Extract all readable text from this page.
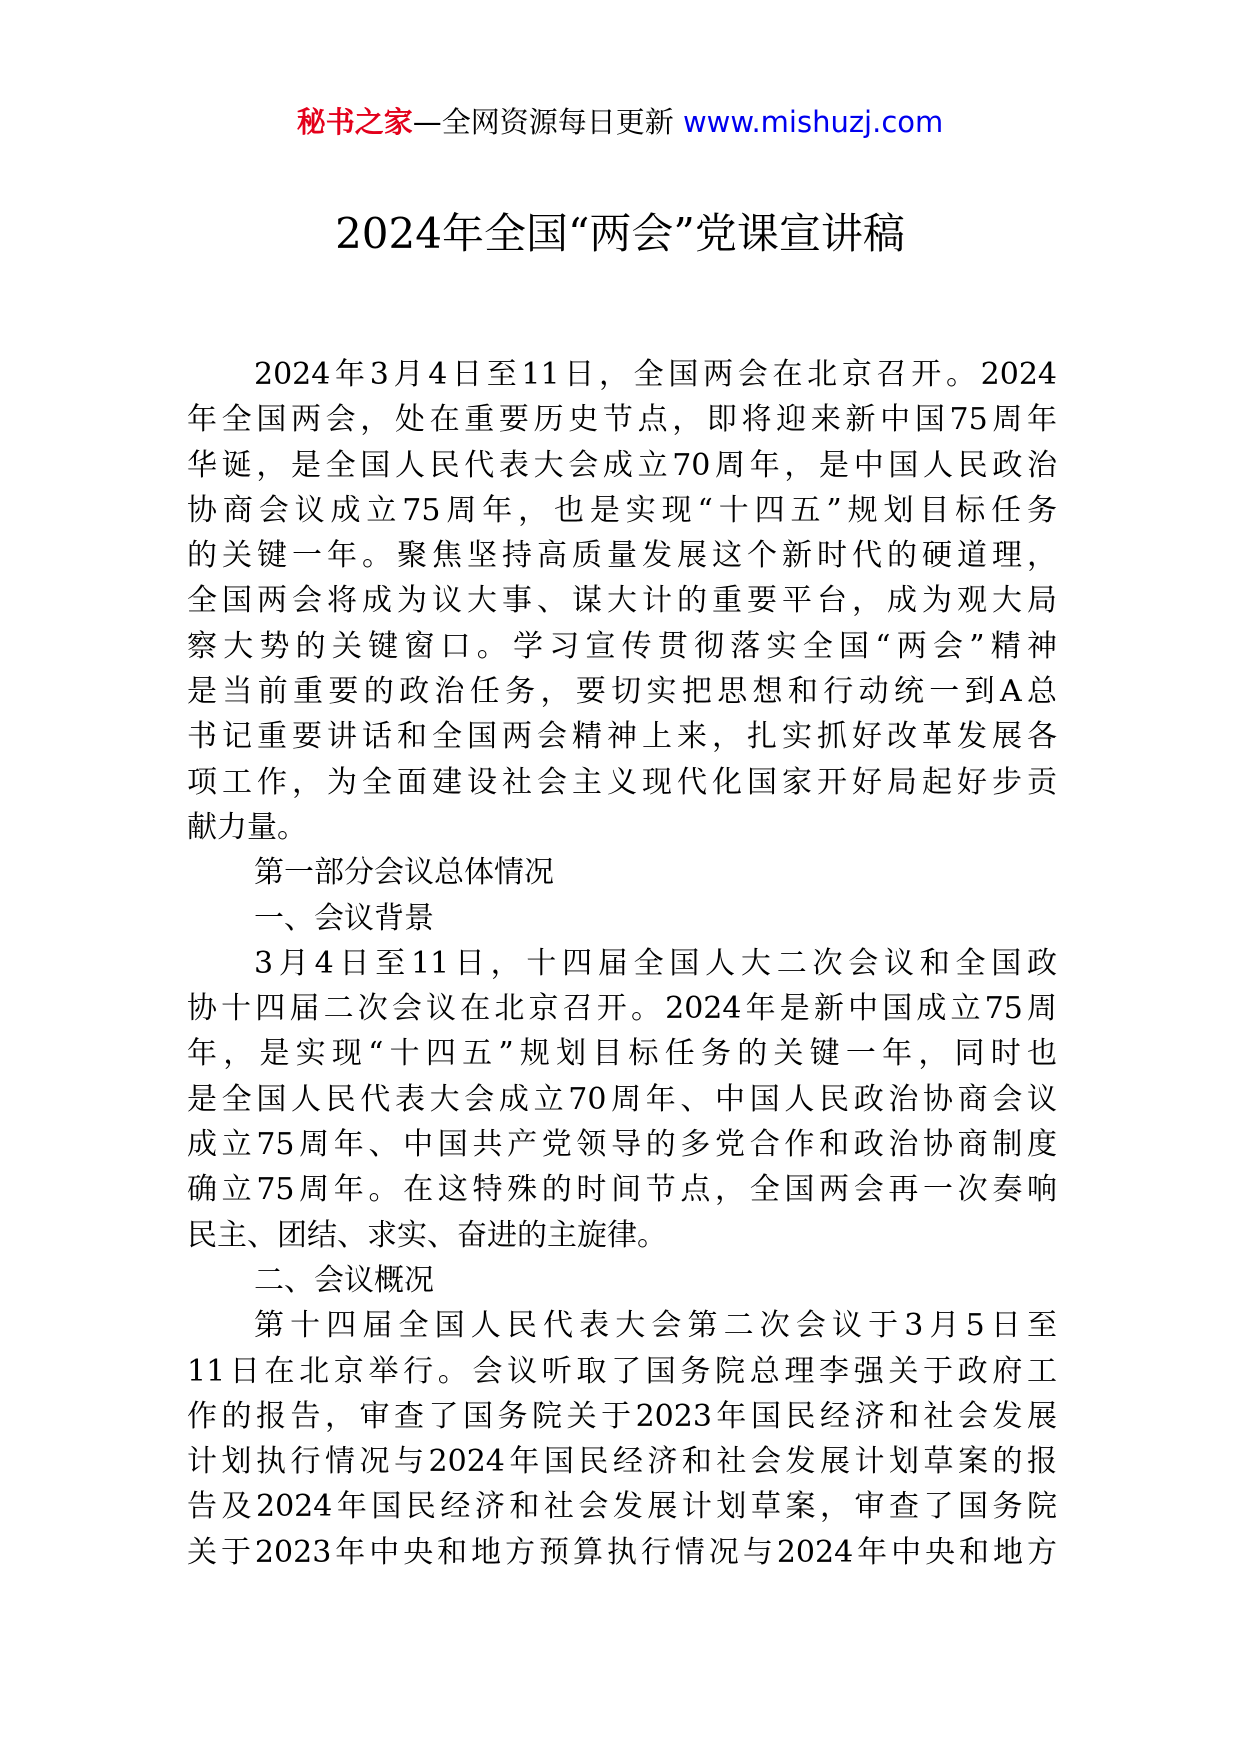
秘书之家—全网资源每日更新 www.mishuzj.com
2024年全国“两会”党课宣讲稿
2024年3月4日至11日，全国两会在北京召开。2024
年全国两会，处在重要历史节点，即将迎来新中国75周年
华诞，是全国人民代表大会成立70周年，是中国人民政治
协商会议成立75周年，也是实现“十四五”规划目标任务
的关键一年。聚焦坚持高质量发展这个新时代的硬道理，
全国两会将成为议大事、谋大计的重要平台，成为观大局
察大势的关键窗口。学习宣传贯彻落实全国“两会”精神
是当前重要的政治任务，要切实把思想和行动统一到A总
书记重要讲话和全国两会精神上来，扎实抓好改革发展各
项工作，为全面建设社会主义现代化国家开好局起好步贡
献力量。
第一部分会议总体情况
一、会议背景
3月4日至11日，十四届全国人大二次会议和全国政
协十四届二次会议在北京召开。2024年是新中国成立75周
年，是实现“十四五”规划目标任务的关键一年，同时也
是全国人民代表大会成立70周年、中国人民政治协商会议
成立75周年、中国共产党领导的多党合作和政治协商制度
确立75周年。在这特殊的时间节点，全国两会再一次奏响
民主、团结、求实、奋进的主旋律。
二、会议概况
第十四届全国人民代表大会第二次会议于3月5日至
11日在北京举行。会议听取了国务院总理李强关于政府工
作的报告，审查了国务院关于2023年国民经济和社会发展
计划执行情况与2024年国民经济和社会发展计划草案的报
告及2024年国民经济和社会发展计划草案，审查了国务院
关于2023年中央和地方预算执行情况与2024年中央和地方
